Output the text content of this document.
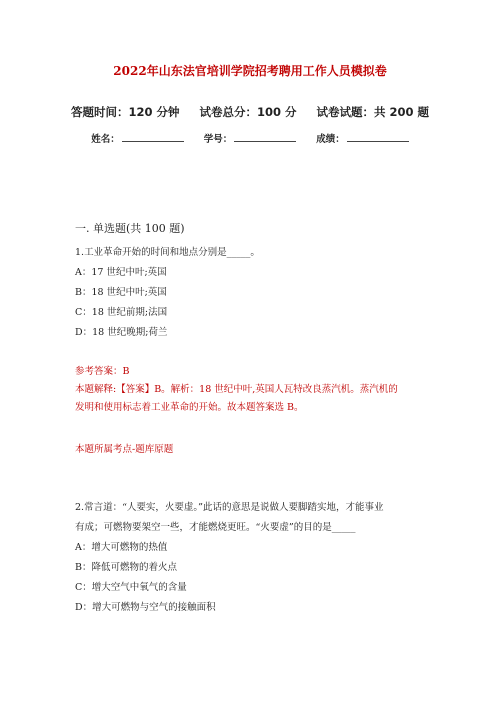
2022年山东法官培训学院招考聘用工作人员模拟卷
答题时间：120 分钟 试卷总分：100 分 试卷试题：共 200 题
姓名：	学号：	成绩：
一. 单选题(共 100 题)
1.工业革命开始的时间和地点分别是_____。
A：17 世纪中叶;英国
B：18 世纪中叶;英国
C：18 世纪前期;法国
D：18 世纪晚期;荷兰
参考答案：B
本题解释:【答案】B。解析：18 世纪中叶,英国人瓦特改良蒸汽机。蒸汽机的
发明和使用标志着工业革命的开始。故本题答案选 B。
本题所属考点-题库原题
2.常言道：“人要实，火要虚。”此话的意思是说做人要脚踏实地，才能事业
有成；可燃物要架空一些，才能燃烧更旺。“火要虚”的目的是_____
A：增大可燃物的热值
B：降低可燃物的着火点
C：增大空气中氧气的含量
D：增大可燃物与空气的接触面积
